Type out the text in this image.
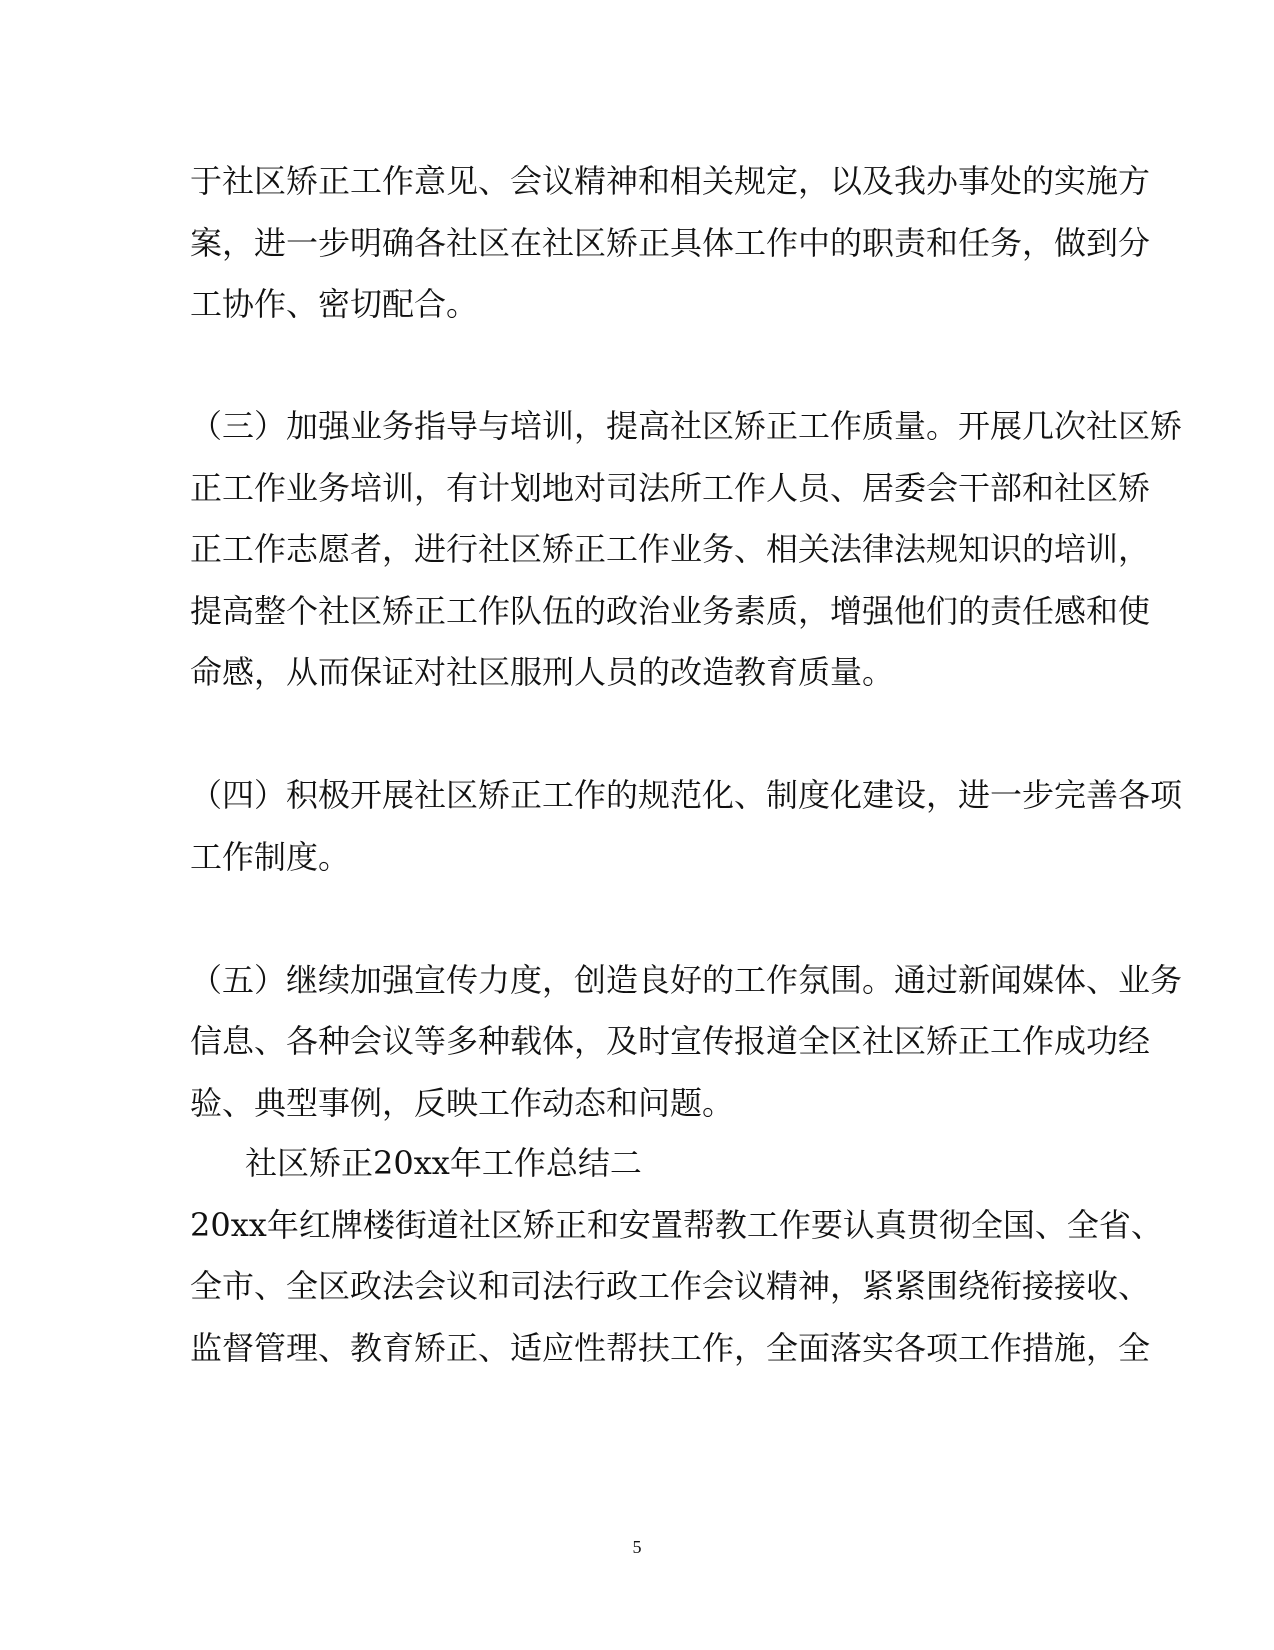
于社区矫正工作意见、会议精神和相关规定，以及我办事处的实施方
案，进一步明确各社区在社区矫正具体工作中的职责和任务，做到分
工协作、密切配合。
（三）加强业务指导与培训，提高社区矫正工作质量。开展几次社区矫
正工作业务培训，有计划地对司法所工作人员、居委会干部和社区矫
正工作志愿者，进行社区矫正工作业务、相关法律法规知识的培训，
提高整个社区矫正工作队伍的政治业务素质，增强他们的责任感和使
命感，从而保证对社区服刑人员的改造教育质量。
（四）积极开展社区矫正工作的规范化、制度化建设，进一步完善各项
工作制度。
（五）继续加强宣传力度，创造良好的工作氛围。通过新闻媒体、业务
信息、各种会议等多种载体，及时宣传报道全区社区矫正工作成功经
验、典型事例，反映工作动态和问题。
社区矫正20xx年工作总结二
20xx年红牌楼街道社区矫正和安置帮教工作要认真贯彻全国、全省、
全市、全区政法会议和司法行政工作会议精神，紧紧围绕衔接接收、
监督管理、教育矫正、适应性帮扶工作，全面落实各项工作措施，全
5
